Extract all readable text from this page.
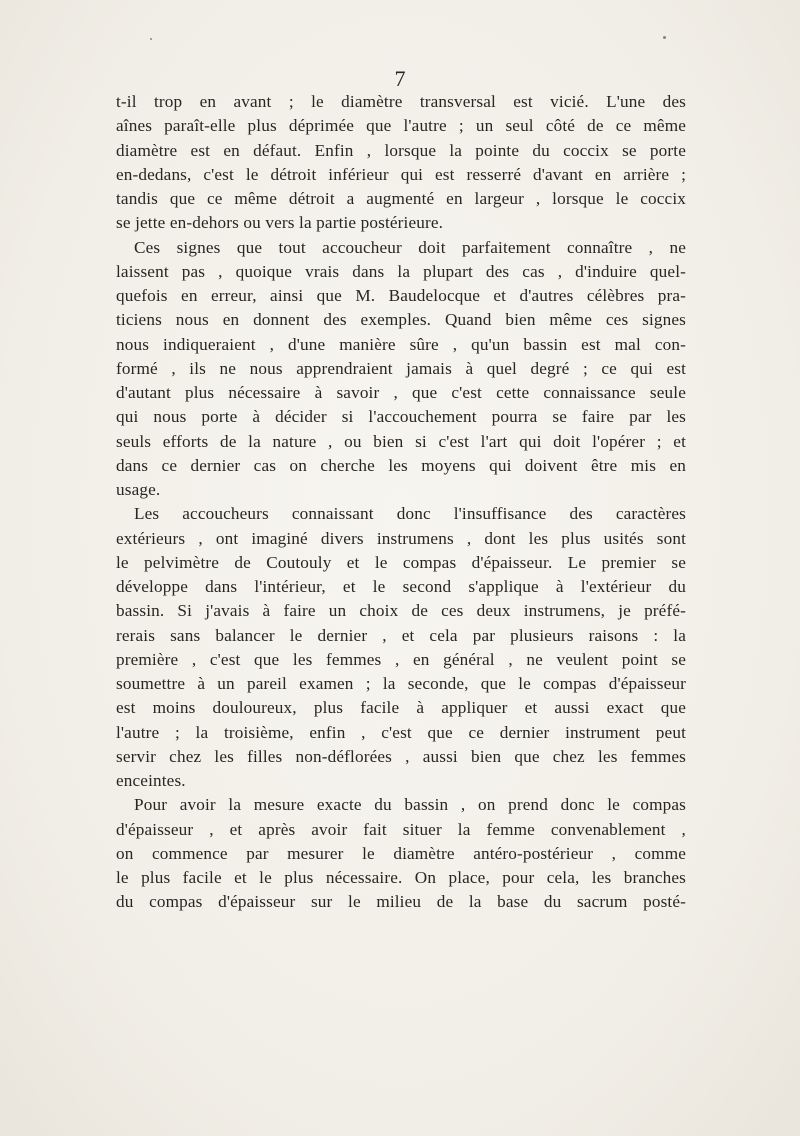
7
t-il trop en avant ; le diamètre transversal est vicié. L'une des
aînes paraît-elle plus déprimée que l'autre ; un seul côté de ce même
diamètre est en défaut. Enfin , lorsque la pointe du coccix se porte
en-dedans, c'est le détroit inférieur qui est resserré d'avant en arrière ;
tandis que ce même détroit a augmenté en largeur , lorsque le coccix
se jette en-dehors ou vers la partie postérieure.
Ces signes que tout accoucheur doit parfaitement connaître , ne
laissent pas , quoique vrais dans la plupart des cas , d'induire quel-
quefois en erreur, ainsi que M. Baudelocque et d'autres célèbres pra-
ticiens nous en donnent des exemples. Quand bien même ces signes
nous indiqueraient , d'une manière sûre , qu'un bassin est mal con-
formé , ils ne nous apprendraient jamais à quel degré ; ce qui est
d'autant plus nécessaire à savoir , que c'est cette connaissance seule
qui nous porte à décider si l'accouchement pourra se faire par les
seuls efforts de la nature , ou bien si c'est l'art qui doit l'opérer ; et
dans ce dernier cas on cherche les moyens qui doivent être mis en
usage.
Les accoucheurs connaissant donc l'insuffisance des caractères
extérieurs , ont imaginé divers instrumens , dont les plus usités sont
le pelvimètre de Coutouly et le compas d'épaisseur. Le premier se
développe dans l'intérieur, et le second s'applique à l'extérieur du
bassin. Si j'avais à faire un choix de ces deux instrumens, je préfé-
rerais sans balancer le dernier , et cela par plusieurs raisons : la
première , c'est que les femmes , en général , ne veulent point se
soumettre à un pareil examen ; la seconde, que le compas d'épaisseur
est moins douloureux, plus facile à appliquer et aussi exact que
l'autre ; la troisième, enfin , c'est que ce dernier instrument peut
servir chez les filles non-déflorées , aussi bien que chez les femmes
enceintes.
Pour avoir la mesure exacte du bassin , on prend donc le compas
d'épaisseur , et après avoir fait situer la femme convenablement ,
on commence par mesurer le diamètre antéro-postérieur , comme
le plus facile et le plus nécessaire. On place, pour cela, les branches
du compas d'épaisseur sur le milieu de la base du sacrum posté-
